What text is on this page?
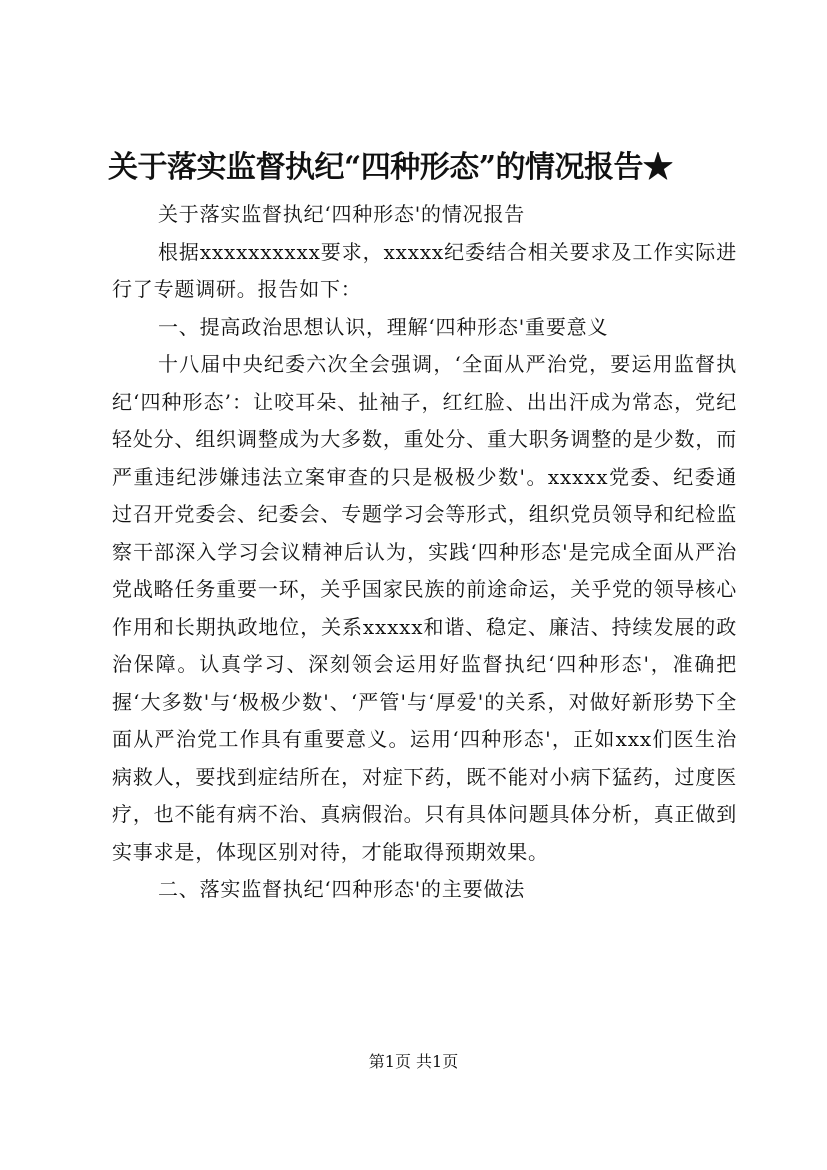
关于落实监督执纪“四种形态”的情况报告★

关于落实监督执纪‘四种形态'的情况报告

根据xxxxxxxxxx要求，xxxxx纪委结合相关要求及工作实际进行了专题调研。报告如下：

一、提高政治思想认识，理解‘四种形态'重要意义

十八届中央纪委六次全会强调，‘全面从严治党，要运用监督执纪‘四种形态’：让咬耳朵、扯袖子，红红脸、出出汗成为常态，党纪轻处分、组织调整成为大多数，重处分、重大职务调整的是少数，而严重违纪涉嫌违法立案审查的只是极极少数'。xxxxx党委、纪委通过召开党委会、纪委会、专题学习会等形式，组织党员领导和纪检监察干部深入学习会议精神后认为，实践‘四种形态'是完成全面从严治党战略任务重要一环，关乎国家民族的前途命运，关乎党的领导核心作用和长期执政地位，关系xxxxx和谐、稳定、廉洁、持续发展的政治保障。认真学习、深刻领会运用好监督执纪‘四种形态'，准确把握‘大多数'与‘极极少数'、‘严管'与‘厚爱'的关系，对做好新形势下全面从严治党工作具有重要意义。运用‘四种形态'，正如xxx们医生治病救人，要找到症结所在，对症下药，既不能对小病下猛药，过度医疗，也不能有病不治、真病假治。只有具体问题具体分析，真正做到实事求是，体现区别对待，才能取得预期效果。

二、落实监督执纪‘四种形态'的主要做法

第1页 共1页
